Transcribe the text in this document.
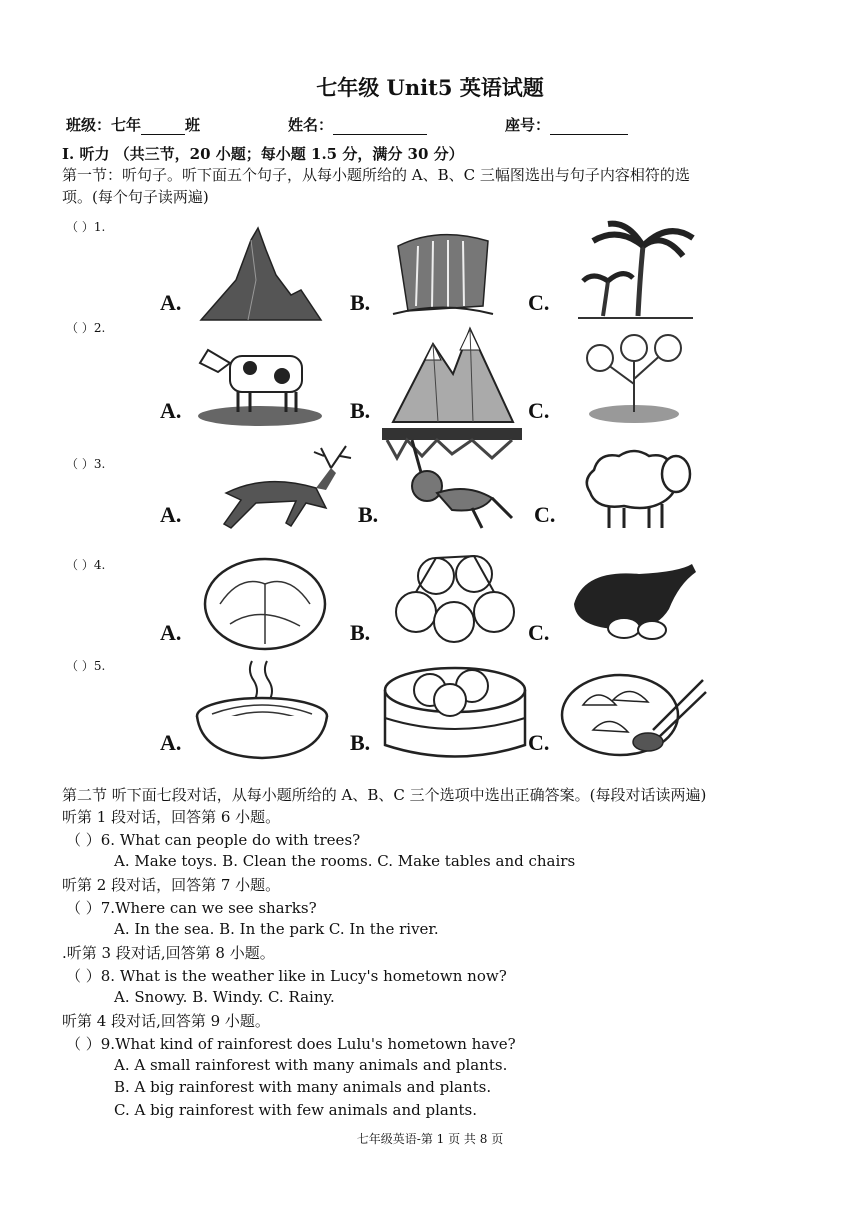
七年级 Unit5 英语试题
班级：七年	班	姓名：	座号：
I. 听力 （共三节，20 小题；每小题 1.5 分，满分 30 分）
第一节：听句子。听下面五个句子，从每小题所给的 A、B、C 三幅图选出与句子内容相符的选
项。(每个句子读两遍)
（ ）1.
（ ）2.
（ ）3.
（ ）4.
（ ）5.
A.	B.	C.
A.	B.	C.
A.	B.	C.
A.	B.	C.
A.	B.	C.
第二节 听下面七段对话，从每小题所给的 A、B、C 三个选项中选出正确答案。(每段对话读两遍)
听第 1 段对话，回答第 6 小题。
（ ）6. What can people do with trees?
A. Make toys. B. Clean the rooms. C. Make tables and chairs
听第 2 段对话，回答第 7 小题。
（ ）7.Where can we see sharks?
A. In the sea. B. In the park C. In the river.
.听第 3 段对话,回答第 8 小题。
（ ）8. What is the weather like in Lucy's hometown now?
A. Snowy. B. Windy. C. Rainy.
听第 4 段对话,回答第 9 小题。
（ ）9.What kind of rainforest does Lulu's hometown have?
A. A small rainforest with many animals and plants.
B. A big rainforest with many animals and plants.
C. A big rainforest with few animals and plants.
七年级英语-第 1 页 共 8 页
